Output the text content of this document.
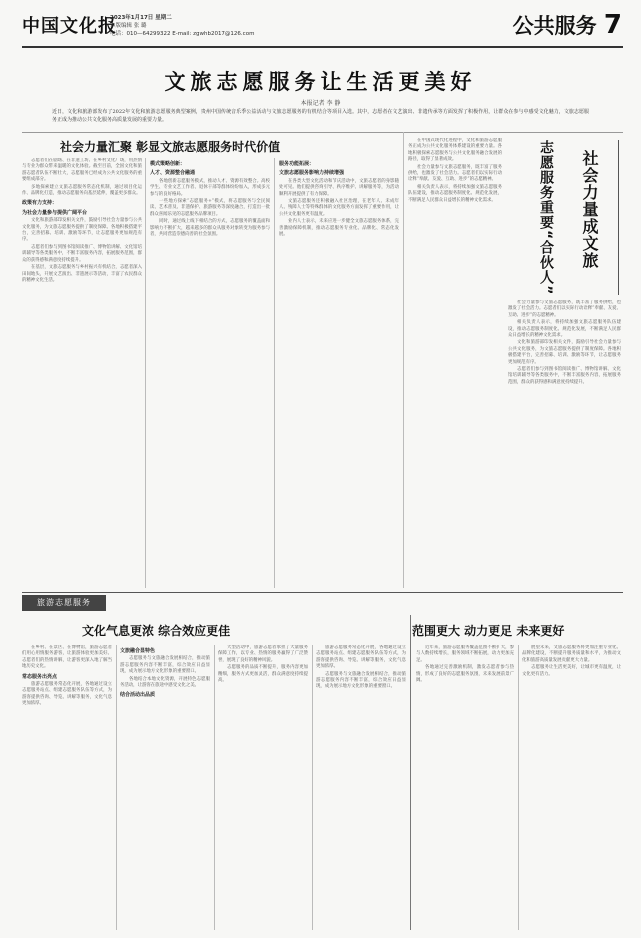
中国文化报
2023年1月17日 星期二
本版编辑 张 璐
电话：010—64299322 E-mail: zgwhb2017@126.com	公共服务 7
文旅志愿服务让生活更美好
本报记者 李 静
近日，文化和旅游部发布了2022年文化和旅游志愿服务典型案例，贵州中国传统音乐季公益活动与文旅志愿服务的有机结合等项目入选。其中，志愿者在文艺演出、非遗传承等方面发挥了积极作用，让群众在参与中感受文化魅力，文旅志愿服务正成为推动公共文化服务高质量发展的重要力量。
社会力量汇聚 彰显文旅志愿服务时代价值

志愿者们在剧场、在非遗工坊、在乡村文化广场，用热情与专业为群众带来温暖的文化体验。截至目前，全国文化和旅游志愿者队伍不断壮大，志愿服务已经成为公共文化服务的重要组成部分。

多地探索建立文旅志愿服务常态化机制，通过项目化运作、品牌化打造，推动志愿服务向基层延伸，覆盖更多群众。

政策有力支持：
为社会力量参与提供广阔平台

文化和旅游部印发相关文件，鼓励引导社会力量参与公共文化服务，为文旅志愿服务提供了制度保障。各地积极搭建平台，完善招募、培训、激励等环节，让志愿服务更加规范有序。

志愿者们参与到图书馆阅读推广、博物馆讲解、文化馆培训辅导等各类服务中，不断丰富服务内容，拓展服务范围，群众的获得感和满意度持续提升。

在基层，文旅志愿服务与乡村振兴有机结合，志愿者深入田间地头，开展文艺演出、非遗展示等活动，丰富了农民群众的精神文化生活。

模式策略创新：
人才、资源整合融通

各地创新志愿服务模式，推动人才、资源有效整合。高校学生、专业文艺工作者、退休干部等群体纷纷加入，形成多元参与的良好格局。

一些地方探索“志愿服务+”模式，将志愿服务与全民阅读、艺术普及、非遗保护、旅游服务等深度融合，打造出一批群众喜闻乐见的志愿服务品牌项目。

同时，通过线上线下相结合的方式，志愿服务的覆盖面和影响力不断扩大，越来越多的群众从服务对象转变为服务参与者，共同营造崇德向善的社会氛围。

服务功能拓展：
文旅志愿服务影响力持续增强

在各类大型文化活动和节庆活动中，文旅志愿者的身影随处可见。他们提供咨询引导、秩序维护、讲解服务等，为活动顺利开展提供了有力保障。

文旅志愿服务还积极融入社区治理，在老年人、未成年人、残障人士等特殊群体的文化服务方面发挥了重要作用，让公共文化服务更有温度。

业内人士表示，未来应进一步健全文旅志愿服务体系，完善激励保障机制，推动志愿服务专业化、品牌化、常态化发展。

在中国式现代化进程中，文化和旅游志愿服务正成为公共文化服务体系建设的重要力量。各地积极探索志愿服务与公共文化服务融合发展的路径，取得了显著成效。

社会力量参与文旅志愿服务，既丰富了服务供给，也激发了社会活力。志愿者们以实际行动诠释“奉献、友爱、互助、进步”的志愿精神。

相关负责人表示，将持续加强文旅志愿服务队伍建设，推动志愿服务制度化、规范化发展，不断满足人民群众日益增长的精神文化需求。	志愿服务重要“合伙人” 社会力量成文旅

社会力量参与文旅志愿服务，既丰富了服务供给，也激发了社会活力。志愿者们以实际行动诠释“奉献、友爱、互助、进步”的志愿精神。

相关负责人表示，将持续加强文旅志愿服务队伍建设，推动志愿服务制度化、规范化发展，不断满足人民群众日益增长的精神文化需求。

文化和旅游部印发相关文件，鼓励引导社会力量参与公共文化服务，为文旅志愿服务提供了制度保障。各地积极搭建平台，完善招募、培训、激励等环节，让志愿服务更加规范有序。

志愿者们参与到图书馆阅读推广、博物馆讲解、文化馆培训辅导等各类服务中，不断丰富服务内容，拓展服务范围，群众的获得感和满意度持续提升。

旅游志愿服务
文化气息更浓 综合效应更佳	范围更大 动力更足 未来更好

在乡村、在景区、在博物馆，旅游志愿者们用心用情服务游客，让旅游体验更加美好。志愿者们的热情讲解，让游客更深入地了解当地历史文化。

常态服务出亮点

旅游志愿服务常态化开展，各地通过设立志愿服务站点、组建志愿服务队伍等方式，为游客提供咨询、导览、讲解等服务，文化气息更加浓厚。

文旅融合显特色

志愿服务与文旅融合发展相结合，推动旅游志愿服务内容不断丰富，综合效应日益显现，成为展示地方文化形象的重要窗口。

各地结合本地文化资源，开展特色志愿服务活动，让游客在旅途中感受文化之美。

结合活动出品质

大型活动中，旅游志愿者承担了大量服务保障工作，以专业、热情的服务赢得了广泛赞誉，展现了良好的精神风貌。

志愿服务的品质不断提升，服务内容更加精细，服务方式更加灵活，群众满意度持续提高。

旅游志愿服务常态化开展，各地通过设立志愿服务站点、组建志愿服务队伍等方式，为游客提供咨询、导览、讲解等服务，文化气息更加浓厚。

志愿服务与文旅融合发展相结合，推动旅游志愿服务内容不断丰富，综合效应日益显现，成为展示地方文化形象的重要窗口。

近年来，旅游志愿服务覆盖范围不断扩大，参与人数持续增长，服务领域不断拓展，动力更加充足。

各地通过完善激励机制，激发志愿者参与热情，形成了良好的志愿服务氛围，未来发展前景广阔。

展望未来，文旅志愿服务将更加注重专业化、品牌化建设，不断提升服务质量和水平，为推动文化和旅游高质量发展贡献更大力量。

志愿服务让生活更美好，让城市更有温度，让文化更有活力。
